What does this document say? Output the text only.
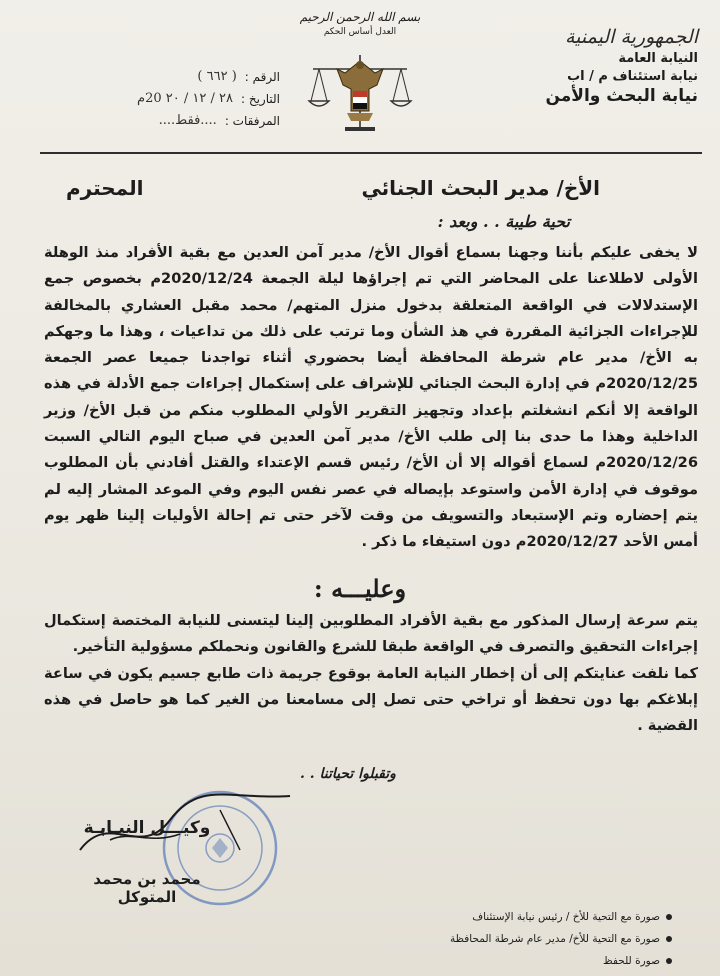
الجمهورية اليمنية
النيابة العامة
نيابة استئناف م / اب
نيابة البحث والأمن
بسم الله الرحمن الرحيم
العدل أساس الحكم
الرقم :
( ٦٦٢ )
التاريخ :
٢٨ / ١٢ / ٢٠ 20م
المرفقات :
....فقط....
الأخ/ مدير البحث الجنائي
المحترم
تحية طيبة . . وبعد :

لا يخفى عليكم بأننا وجهنا بسماع أقوال الأخ/ مدير آمن العدين مع بقية الأفراد منذ الوهلة الأولى لاطلاعنا على المحاضر التي تم إجراؤها ليلة الجمعة 2020/12/24م بخصوص جمع الإستدلالات في الواقعة المتعلقة بدخول منزل المتهم/ محمد مقبل العشاري بالمخالفة للإجراءات الجزائية المقررة في هذ الشأن وما ترتب على ذلك من تداعيات ، وهذا ما وجهكم به الأخ/ مدير عام شرطة المحافظة أيضا بحضوري أثناء تواجدنا جميعا عصر الجمعة 2020/12/25م في إدارة البحث الجنائي للإشراف على إستكمال إجراءات جمع الأدلة في هذه الواقعة إلا أنكم انشغلتم بإعداد وتجهيز التقرير الأولي المطلوب منكم من قبل الأخ/ وزير الداخلية وهذا ما حدى بنا إلى طلب الأخ/ مدير آمن العدين في صباح اليوم التالي السبت 2020/12/26م لسماع أقواله إلا أن الأخ/ رئيس قسم الإعتداء والقتل أفادني بأن المطلوب موقوف في إدارة الأمن واستوعد بإيصاله في عصر نفس اليوم وفي الموعد المشار إليه لم يتم إحضاره وتم الإستبعاد والتسويف من وقت لآخر حتى تم إحالة الأوليات إلينا ظهر يوم أمس الأحد 2020/12/27م دون استيفاء ما ذكر .

وعليـــه :

يتم سرعة إرسال المذكور مع بقية الأفراد المطلوبين إلينا ليتسنى للنيابة المختصة إستكمال إجراءات التحقيق والتصرف في الواقعة طبقا للشرع والقانون ونحملكم مسؤولية التأخير.

كما نلفت عنايتكم إلى أن إخطار النيابة العامة بوقوع جريمة ذات طابع جسيم يكون في ساعة إبلاغكم بها دون تحفظ أو تراخي حتى تصل إلى مسامعنا من الغير كما هو حاصل في هذه القضية .

وتقبلوا تحياتنا . .
وكيـــل النيـابـة
محمد بن محمد المتوكل
صورة مع التحية للأخ / رئيس نيابة الإستئناف
صورة مع التحية للأخ/ مدير عام شرطة المحافظة
صورة للحفظ
